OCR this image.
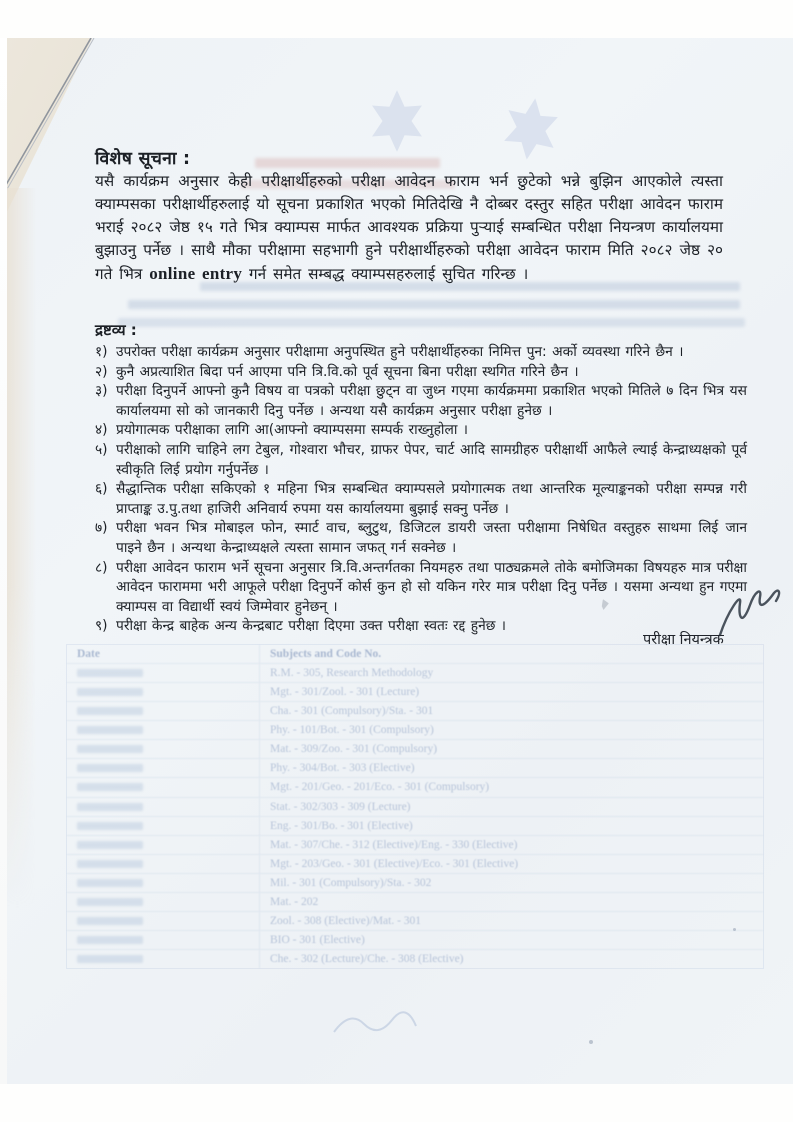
Date	Subjects and Code No.
R.M. - 305, Research Methodology
Mgt. - 301/Zool. - 301 (Lecture)
Cha. - 301 (Compulsory)/Sta. - 301
Phy. - 101/Bot. - 301 (Compulsory)
Mat. - 309/Zoo. - 301 (Compulsory)
Phy. - 304/Bot. - 303 (Elective)
Mgt. - 201/Geo. - 201/Eco. - 301 (Compulsory)
Stat. - 302/303 - 309 (Lecture)
Eng. - 301/Bo. - 301 (Elective)
Mat. - 307/Che. - 312 (Elective)/Eng. - 330 (Elective)
Mgt. - 203/Geo. - 301 (Elective)/Eco. - 301 (Elective)
Mil. - 301 (Compulsory)/Sta. - 302
Mat. - 202
Zool. - 308 (Elective)/Mat. - 301
BIO - 301 (Elective)
Che. - 302 (Lecture)/Che. - 308 (Elective)
विशेष सूचना :
यसै कार्यक्रम अनुसार केही परीक्षार्थीहरुको परीक्षा आवेदन फाराम भर्न छुटेको भन्ने बुझिन आएकोले त्यस्ता क्याम्पसका परीक्षार्थीहरुलाई यो सूचना प्रकाशित भएको मितिदेखि नै दोब्बर दस्तुर सहित परीक्षा आवेदन फाराम भराई २०८२ जेष्ठ १५ गते भित्र क्याम्पस मार्फत आवश्यक प्रक्रिया पुऱ्याई सम्बन्धित परीक्षा नियन्त्रण कार्यालयमा बुझाउनु पर्नेछ । साथै मौका परीक्षामा सहभागी हुने परीक्षार्थीहरुको परीक्षा आवेदन फाराम मिति २०८२ जेष्ठ २० गते भित्र online entry गर्न समेत सम्बद्ध क्याम्पसहरुलाई सुचित गरिन्छ ।
द्रष्टव्य :
१) उपरोक्त परीक्षा कार्यक्रम अनुसार परीक्षामा अनुपस्थित हुने परीक्षार्थीहरुका निमित्त पुन: अर्को व्यवस्था गरिने छैन ।
२) कुनै अप्रत्याशित बिदा पर्न आएमा पनि त्रि.वि.को पूर्व सूचना बिना परीक्षा स्थगित गरिने छैन ।
३) परीक्षा दिनुपर्ने आफ्नो कुनै विषय वा पत्रको परीक्षा छुट्न वा जुध्न गएमा कार्यक्रममा प्रकाशित भएको मितिले ७ दिन भित्र यस कार्यालयमा सो को जानकारी दिनु पर्नेछ । अन्यथा यसै कार्यक्रम अनुसार परीक्षा हुनेछ ।
४) प्रयोगात्मक परीक्षाका लागि आ(आफ्नो क्याम्पसमा सम्पर्क राख्नुहोला ।
५) परीक्षाको लागि चाहिने लग टेबुल, गोश्वारा भौचर, ग्राफर पेपर, चार्ट आदि सामग्रीहरु परीक्षार्थी आफैले ल्याई केन्द्राध्यक्षको पूर्व स्वीकृति लिई प्रयोग गर्नुपर्नेछ ।
६) सैद्धान्तिक परीक्षा सकिएको १ महिना भित्र सम्बन्धित क्याम्पसले प्रयोगात्मक तथा आन्तरिक मूल्याङ्कनको परीक्षा सम्पन्न गरी प्राप्ताङ्क उ.पु.तथा हाजिरी अनिवार्य रुपमा यस कार्यालयमा बुझाई सक्नु पर्नेछ ।
७) परीक्षा भवन भित्र मोबाइल फोन, स्मार्ट वाच, ब्लुटुथ, डिजिटल डायरी जस्ता परीक्षामा निषेधित वस्तुहरु साथमा लिई जान पाइने छैन । अन्यथा केन्द्राध्यक्षले त्यस्ता सामान जफत् गर्न सक्नेछ ।
८) परीक्षा आवेदन फाराम भर्ने सूचना अनुसार त्रि.वि.अन्तर्गतका नियमहरु तथा पाठ्यक्रमले तोके बमोजिमका विषयहरु मात्र परीक्षा आवेदन फाराममा भरी आफूले परीक्षा दिनुपर्ने कोर्स कुन हो सो यकिन गरेर मात्र परीक्षा दिनु पर्नेछ । यसमा अन्यथा हुन गएमा क्याम्पस वा विद्यार्थी स्वयं जिम्मेवार हुनेछन् ।
९) परीक्षा केन्द्र बाहेक अन्य केन्द्रबाट परीक्षा दिएमा उक्त परीक्षा स्वतः रद्द हुनेछ ।
परीक्षा नियन्त्रक
